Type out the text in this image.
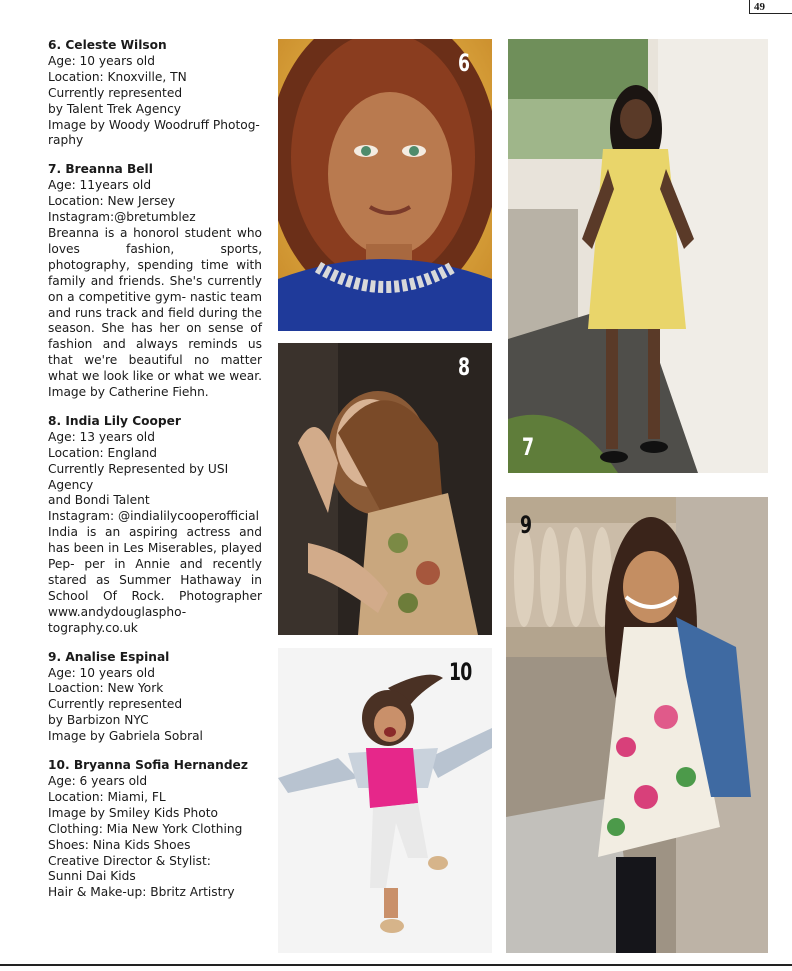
49
6. Celeste Wilson
Age: 10 years old
Location: Knoxville, TN
Currently represented
by Talent Trek Agency
Image by Woody Woodruff Photog-
raphy
7. Breanna Bell
Age: 11years old
Location: New Jersey
Instagram:@bretumblez
Breanna is a honorol student who loves fashion, sports, photography, spending time with family and friends. She's currently on a competitive gym- nastic team and runs track and field during the season. She has her on sense of fashion and always reminds us that we're beautiful no matter what we look like or what we wear. Image by Catherine Fiehn.
8. India Lily Cooper
Age: 13 years old
Location: England
Currently Represented by USI Agency
and Bondi Talent
Instagram: @indialilycooperofficial
India is an aspiring actress and has been in Les Miserables, played Pep- per in Annie and recently stared as Summer Hathaway in School Of Rock. Photographer www.andydouglaspho- tography.co.uk
9. Analise Espinal
Age: 10 years old
Loaction: New York
Currently represented
by Barbizon NYC
Image by Gabriela Sobral
10. Bryanna Sofia Hernandez
Age: 6 years old
Location: Miami, FL
Image by Smiley Kids Photo
Clothing: Mia New York Clothing
Shoes: Nina Kids Shoes
Creative Director & Stylist:
Sunni Dai Kids
Hair & Make-up: Bbritz Artistry
6
7
8
9
10
